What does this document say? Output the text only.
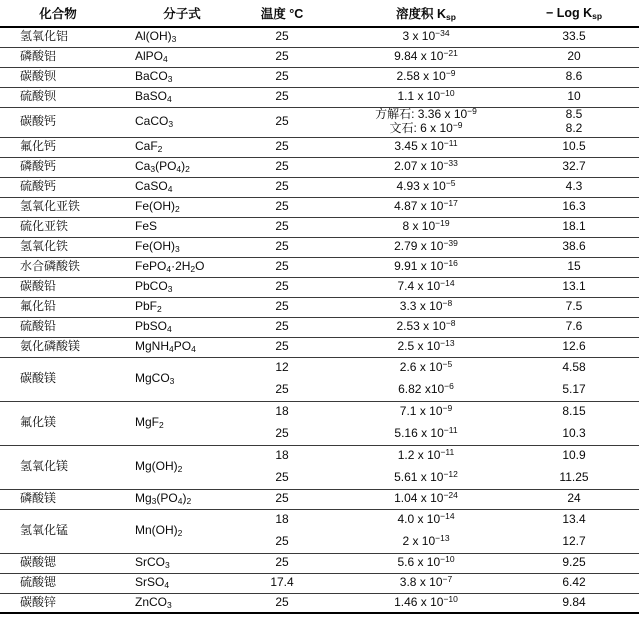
化合物	分子式	温度 °C	溶度积 $K_{sp}$	− Log $K_{sp}$
氢氧化铝	$Al(OH)_3$	25	3 x $10^{-34}$	33.5
磷酸铝	AlPO$_4$	25	9.84 x $10^{-21}$	20
碳酸钡	BaCO$_3$	25	2.58 x $10^{-9}$	8.6
硫酸钡	BaSO$_4$	25	1.1 x $10^{-10}$	10
碳酸钙	CaCO$_3$	25	方解石: 3.36 x $10^{-9}$	8.5
			文石: 6 x $10^{-9}$	8.2
氟化钙	CaF$_2$	25	3.45 x $10^{-11}$	10.5
磷酸钙	$Ca_3(PO_4)_2$	25	2.07 x $10^{-33}$	32.7
硫酸钙	CaSO$_4$	25	4.93 x $10^{-5}$	4.3
氢氧化亚铁	$Fe(OH)_2$	25	4.87 x $10^{-17}$	16.3
硫化亚铁	FeS	25	8 x $10^{-19}$	18.1
氢氧化铁	$Fe(OH)_3$	25	2.79 x $10^{-39}$	38.6
水合磷酸铁	$FePO_4\cdot 2H_2O$	25	9.91 x $10^{-16}$	15
碳酸铅	PbCO$_3$	25	7.4 x $10^{-14}$	13.1
氟化铅	PbF$_2$	25	3.3 x $10^{-8}$	7.5
硫酸铅	PbSO$_4$	25	2.53 x $10^{-8}$	7.6
氨化磷酸镁	$MgNH_4PO_4$	25	2.5 x $10^{-13}$	12.6
碳酸镁	MgCO$_3$	12	2.6 x $10^{-5}$	4.58
		25	6.82 $x10^{-6}$	5.17
氟化镁	MgF$_2$	18	7.1 x $10^{-9}$	8.15
		25	5.16 x $10^{-11}$	10.3
氢氧化镁	$Mg(OH)_2$	18	1.2 x $10^{-11}$	10.9
		25	5.61 x $10^{-12}$	11.25
磷酸镁	$Mg_3(PO_4)_2$	25	1.04 x $10^{-24}$	24
氢氧化锰	$Mn(OH)_2$	18	4.0 x $10^{-14}$	13.4
		25	2 x $10^{-13}$	12.7
碳酸锶	SrCO$_3$	25	5.6 x $10^{-10}$	9.25
硫酸锶	SrSO$_4$	17.4	3.8 x $10^{-7}$	6.42
碳酸锌	ZnCO$_3$	25	1.46 x $10^{-10}$	9.84
